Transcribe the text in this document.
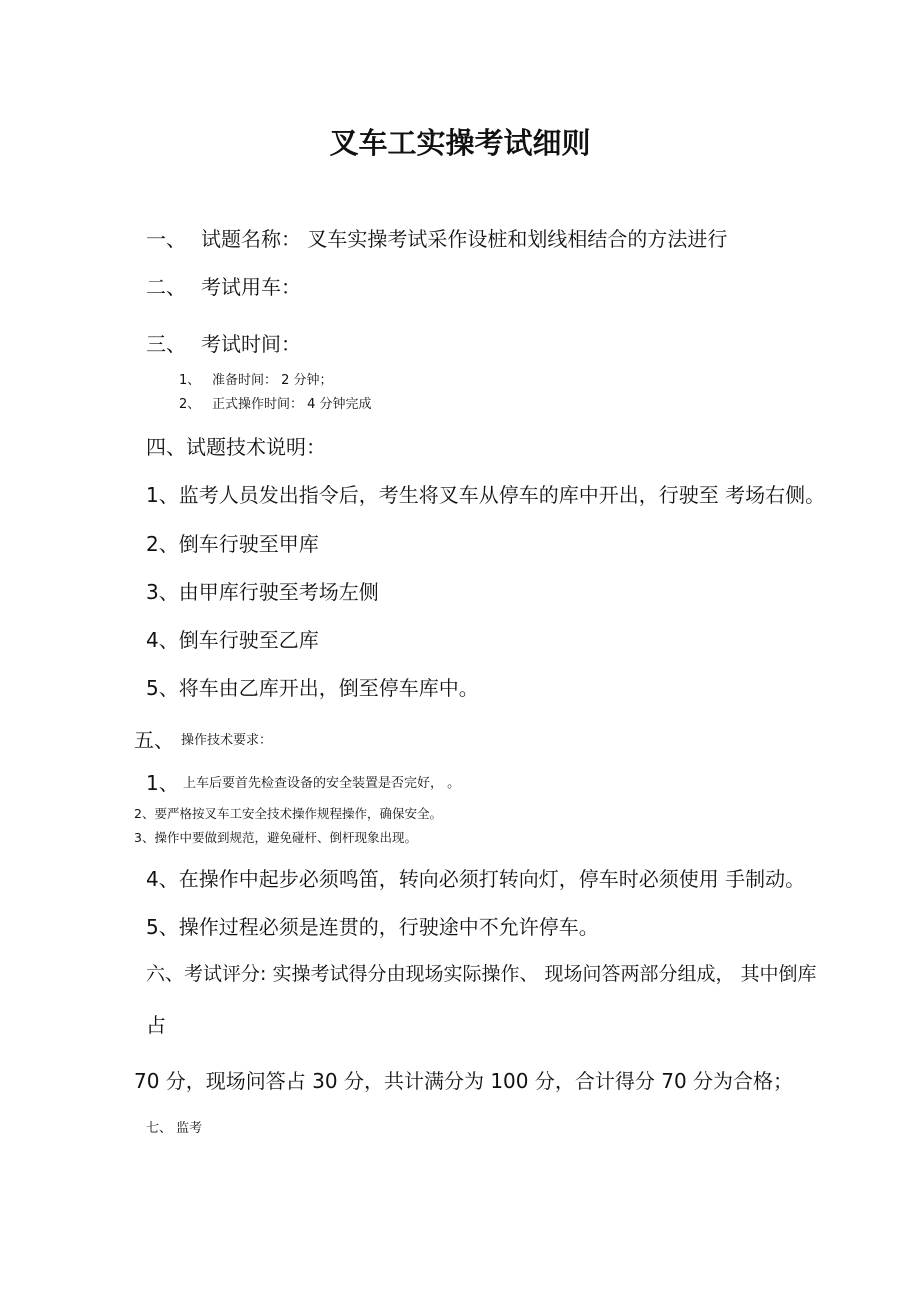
叉车工实操考试细则
一、 试题名称： 叉车实操考试采作设桩和划线相结合的方法进行
二、 考试用车：
三、 考试时间：
1、 准备时间： 2 分钟；
2、 正式操作时间： 4 分钟完成
四、试题技术说明：
1、监考人员发出指令后，考生将叉车从停车的库中开出，行驶至 考场右侧。
2、倒车行驶至甲库
3、由甲库行驶至考场左侧
4、倒车行驶至乙库
5、将车由乙库开出，倒至停车库中。
五、 操作技术要求：
1、 上车后要首先检查设备的安全装置是否完好， 。
2、要严格按叉车工安全技术操作规程操作，确保安全。
3、操作中要做到规范，避免碰杆、倒杆现象出现。
4、在操作中起步必须鸣笛，转向必须打转向灯，停车时必须使用 手制动。
5、操作过程必须是连贯的，行驶途中不允许停车。
六、考试评分: 实操考试得分由现场实际操作、 现场问答两部分组成， 其中倒库
占
70 分，现场问答占 30 分，共计满分为 100 分，合计得分 70 分为合格；
七、 监考
